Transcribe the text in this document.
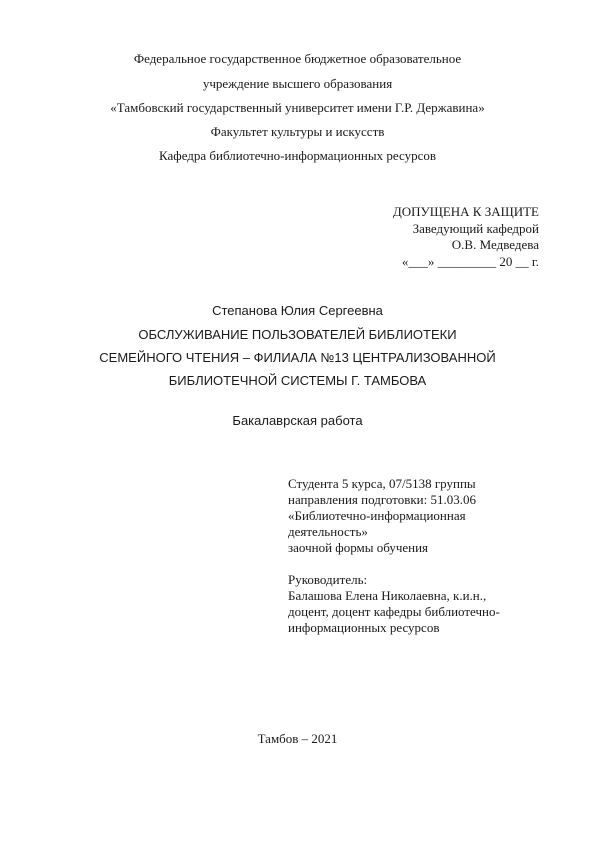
Федеральное государственное бюджетное образовательное
учреждение высшего образования
«Тамбовский государственный университет имени Г.Р. Державина»
Факультет культуры и искусств
Кафедра библиотечно-информационных ресурсов
ДОПУЩЕНА К ЗАЩИТЕ
Заведующий кафедрой
О.В. Медведева
«___» _________ 20 __ г.
Степанова Юлия Сергеевна
ОБСЛУЖИВАНИЕ ПОЛЬЗОВАТЕЛЕЙ БИБЛИОТЕКИ
СЕМЕЙНОГО ЧТЕНИЯ – ФИЛИАЛА №13 ЦЕНТРАЛИЗОВАННОЙ
БИБЛИОТЕЧНОЙ СИСТЕМЫ Г. ТАМБОВА
Бакалаврская работа
Студента 5 курса, 07/5138 группы
направления подготовки: 51.03.06
«Библиотечно-информационная
деятельность»
заочной формы обучения
Руководитель:
Балашова Елена Николаевна, к.и.н.,
доцент, доцент кафедры библиотечно-
информационных ресурсов
Тамбов – 2021
